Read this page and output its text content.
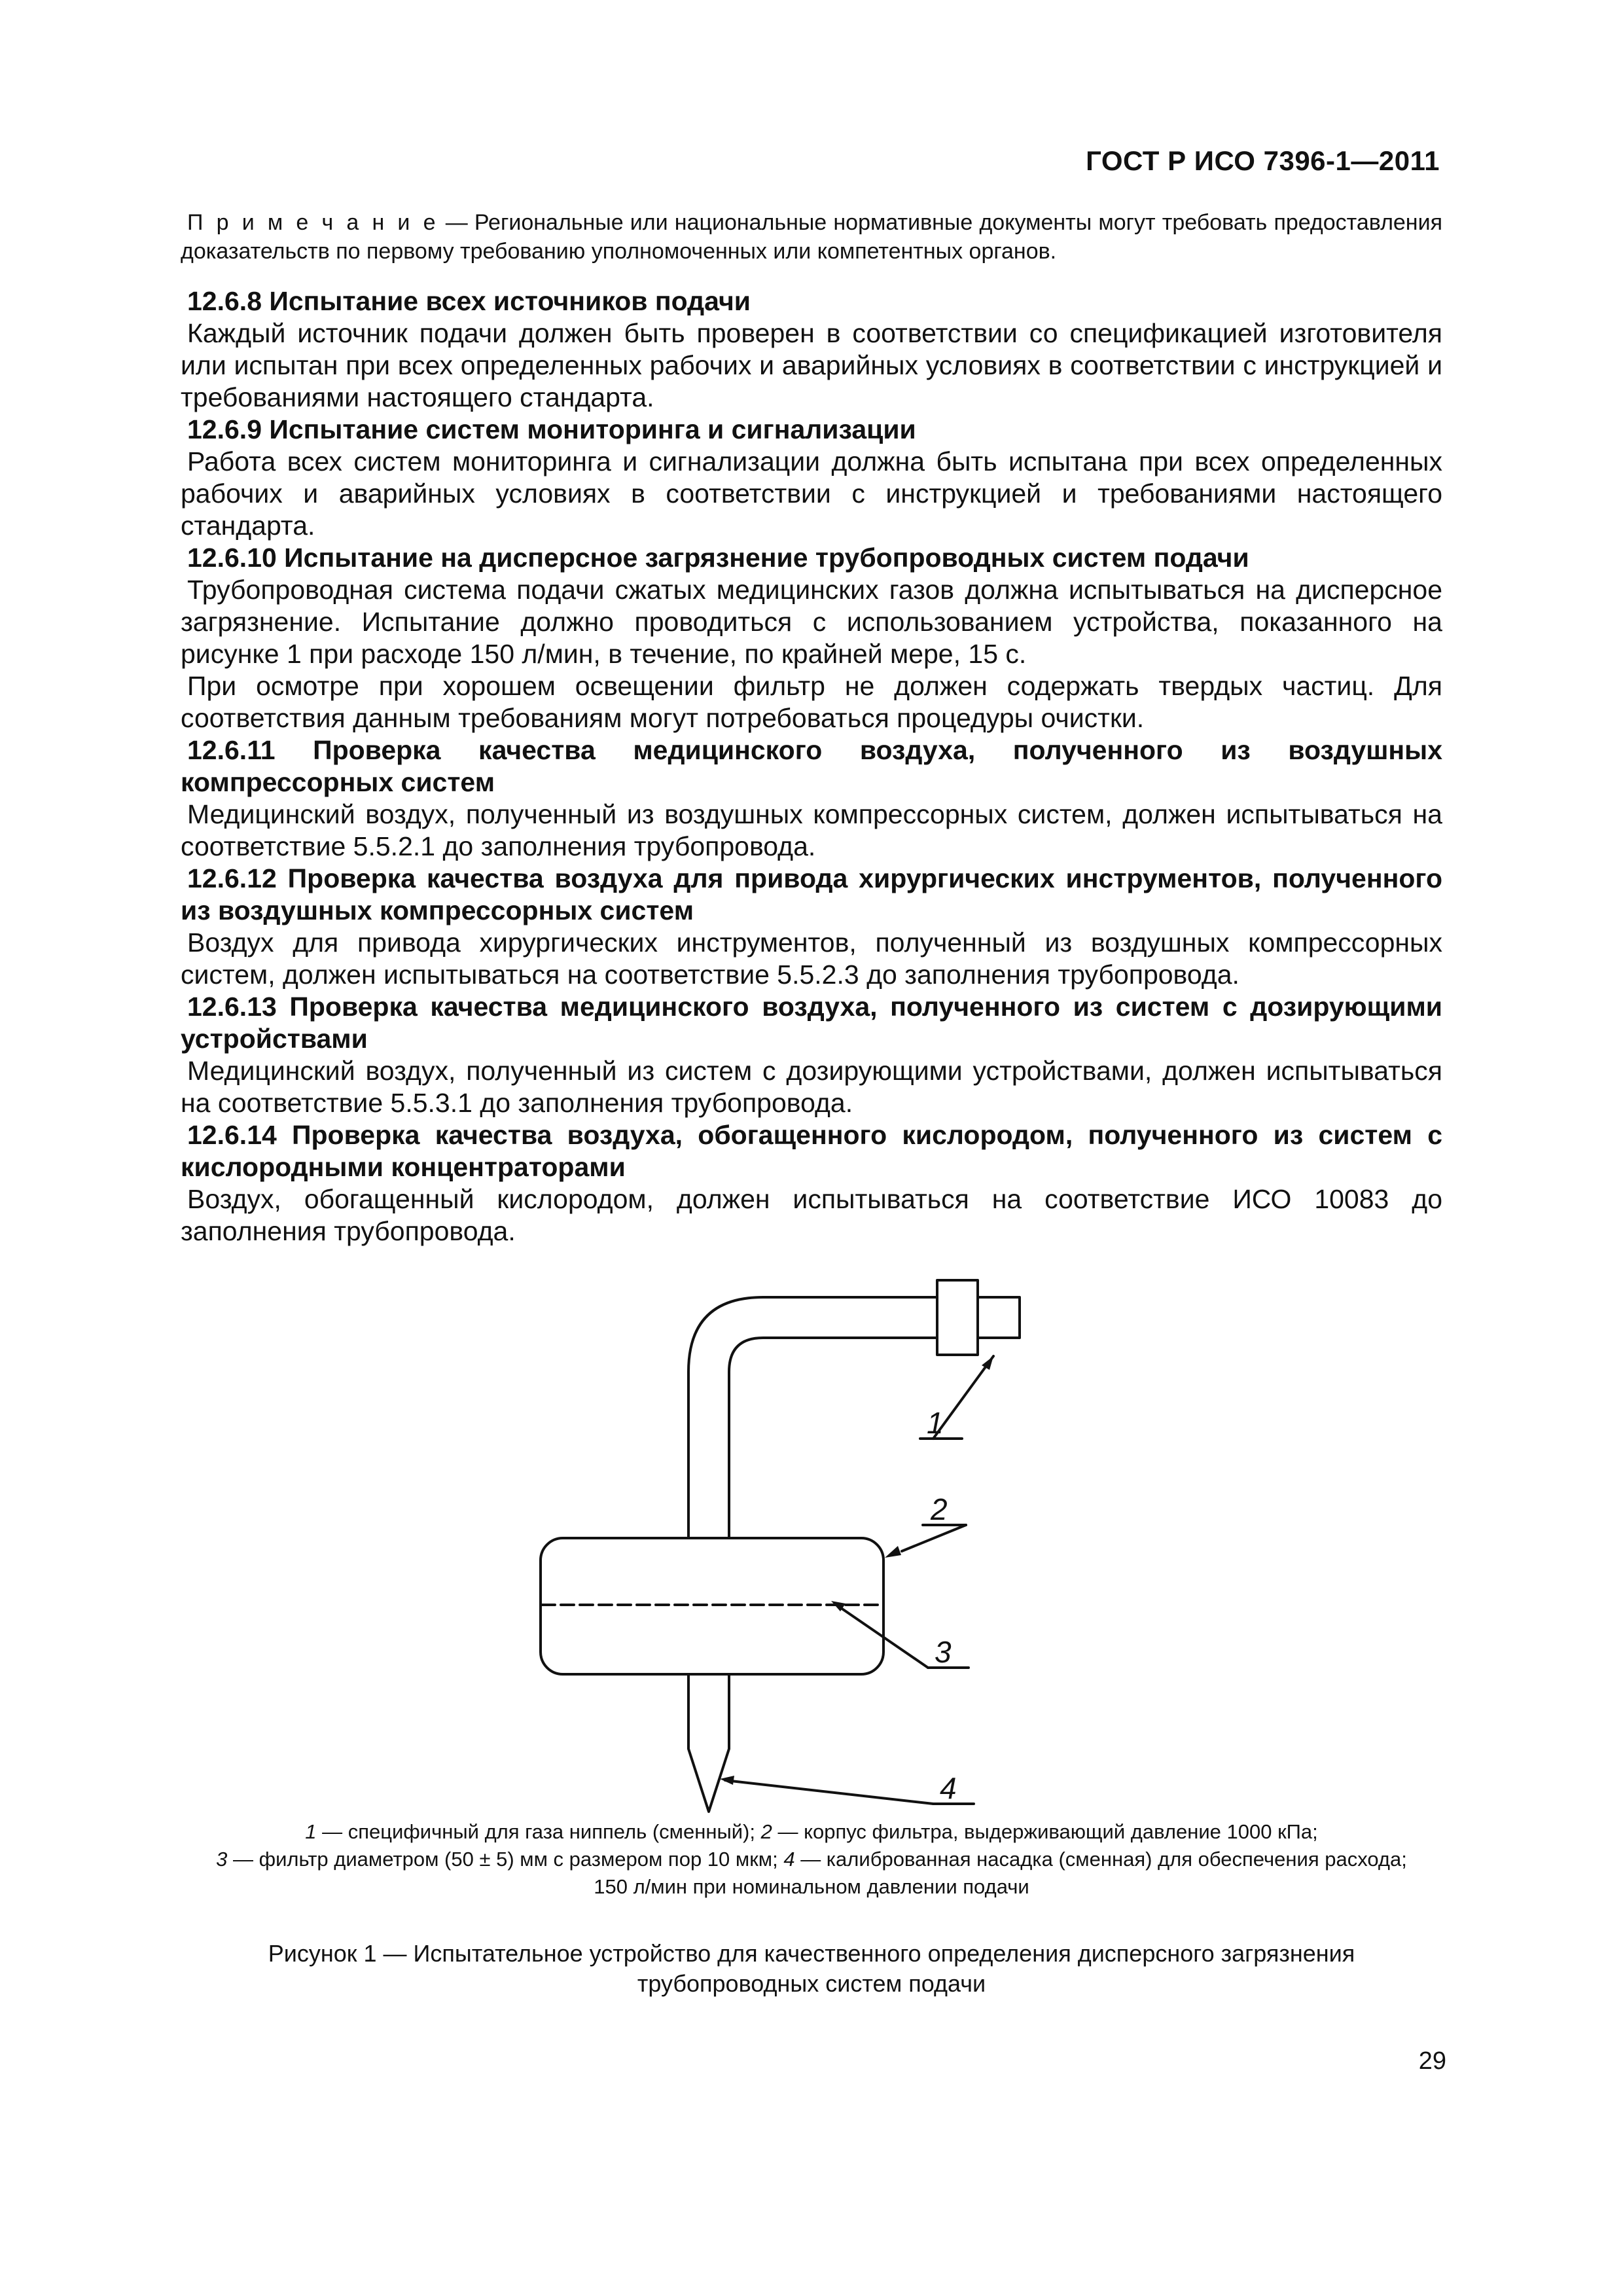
ГОСТ Р ИСО 7396-1—2011

П р и м е ч а н и е — Региональные или национальные нормативные документы могут требовать предоставления доказательств по первому требованию уполномоченных или компетентных органов.

12.6.8 Испытание всех источников подачи

Каждый источник подачи должен быть проверен в соответствии со спецификацией изготовителя или испытан при всех определенных рабочих и аварийных условиях в соответствии с инструкцией и требованиями настоящего стандарта.

12.6.9 Испытание систем мониторинга и сигнализации

Работа всех систем мониторинга и сигнализации должна быть испытана при всех определенных рабочих и аварийных условиях в соответствии с инструкцией и требованиями настоящего стандарта.

12.6.10 Испытание на дисперсное загрязнение трубопроводных систем подачи

Трубопроводная система подачи сжатых медицинских газов должна испытываться на дисперсное загрязнение. Испытание должно проводиться с использованием устройства, показанного на рисунке 1 при расходе 150 л/мин, в течение, по крайней мере, 15 с.

При осмотре при хорошем освещении фильтр не должен содержать твердых частиц. Для соответствия данным требованиям могут потребоваться процедуры очистки.

12.6.11 Проверка качества медицинского воздуха, полученного из воздушных компрессорных систем

Медицинский воздух, полученный из воздушных компрессорных систем, должен испытываться на соответствие 5.5.2.1 до заполнения трубопровода.

12.6.12 Проверка качества воздуха для привода хирургических инструментов, полученного из воздушных компрессорных систем

Воздух для привода хирургических инструментов, полученный из воздушных компрессорных систем, должен испытываться на соответствие 5.5.2.3 до заполнения трубопровода.

12.6.13 Проверка качества медицинского воздуха, полученного из систем с дозирующими устройствами

Медицинский воздух, полученный из систем с дозирующими устройствами, должен испытываться на соответствие 5.5.3.1 до заполнения трубопровода.

12.6.14 Проверка качества воздуха, обогащенного кислородом, полученного из систем с кислородными концентраторами

Воздух, обогащенный кислородом, должен испытываться на соответствие ИСО 10083 до заполнения трубопровода.

1
2
3
4
1 — специфичный для газа ниппель (сменный); 2 — корпус фильтра, выдерживающий давление 1000 кПа;
3 — фильтр диаметром (50 ± 5) мм с размером пор 10 мкм; 4 — калиброванная насадка (сменная) для обеспечения расхода;
150 л/мин при номинальном давлении подачи
Рисунок 1 — Испытательное устройство для качественного определения дисперсного загрязнения
трубопроводных систем подачи
29
